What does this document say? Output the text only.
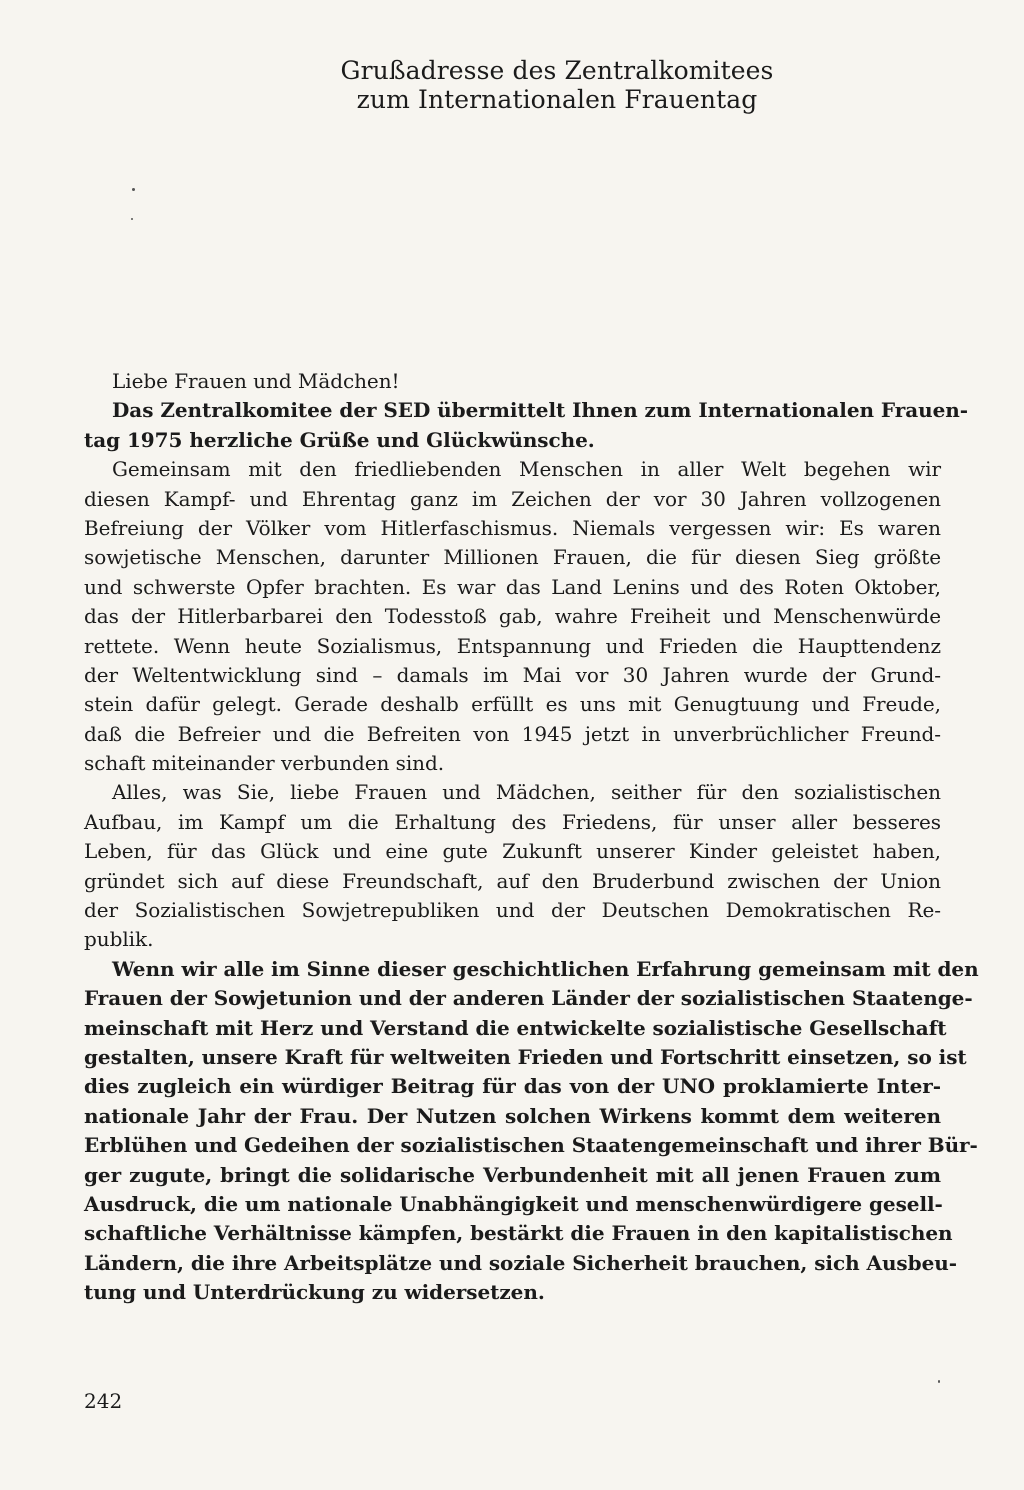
Grußadresse des Zentralkomitees
zum Internationalen Frauentag
Liebe Frauen und Mädchen!
Das Zentralkomitee der SED übermittelt Ihnen zum Internationalen Frauen-
tag 1975 herzliche Grüße und Glückwünsche.
Gemeinsam mit den friedliebenden Menschen in aller Welt begehen wir
diesen Kampf- und Ehrentag ganz im Zeichen der vor 30 Jahren vollzogenen
Befreiung der Völker vom Hitlerfaschismus. Niemals vergessen wir: Es waren
sowjetische Menschen, darunter Millionen Frauen, die für diesen Sieg größte
und schwerste Opfer brachten. Es war das Land Lenins und des Roten Oktober,
das der Hitlerbarbarei den Todesstoß gab, wahre Freiheit und Menschenwürde
rettete. Wenn heute Sozialismus, Entspannung und Frieden die Haupttendenz
der Weltentwicklung sind – damals im Mai vor 30 Jahren wurde der Grund-
stein dafür gelegt. Gerade deshalb erfüllt es uns mit Genugtuung und Freude,
daß die Befreier und die Befreiten von 1945 jetzt in unverbrüchlicher Freund-
schaft miteinander verbunden sind.
Alles, was Sie, liebe Frauen und Mädchen, seither für den sozialistischen
Aufbau, im Kampf um die Erhaltung des Friedens, für unser aller besseres
Leben, für das Glück und eine gute Zukunft unserer Kinder geleistet haben,
gründet sich auf diese Freundschaft, auf den Bruderbund zwischen der Union
der Sozialistischen Sowjetrepubliken und der Deutschen Demokratischen Re-
publik.
Wenn wir alle im Sinne dieser geschichtlichen Erfahrung gemeinsam mit den
Frauen der Sowjetunion und der anderen Länder der sozialistischen Staatenge-
meinschaft mit Herz und Verstand die entwickelte sozialistische Gesellschaft
gestalten, unsere Kraft für weltweiten Frieden und Fortschritt einsetzen, so ist
dies zugleich ein würdiger Beitrag für das von der UNO proklamierte Inter-
nationale Jahr der Frau. Der Nutzen solchen Wirkens kommt dem weiteren
Erblühen und Gedeihen der sozialistischen Staatengemeinschaft und ihrer Bür-
ger zugute, bringt die solidarische Verbundenheit mit all jenen Frauen zum
Ausdruck, die um nationale Unabhängigkeit und menschenwürdigere gesell-
schaftliche Verhältnisse kämpfen, bestärkt die Frauen in den kapitalistischen
Ländern, die ihre Arbeitsplätze und soziale Sicherheit brauchen, sich Ausbeu-
tung und Unterdrückung zu widersetzen.
242
